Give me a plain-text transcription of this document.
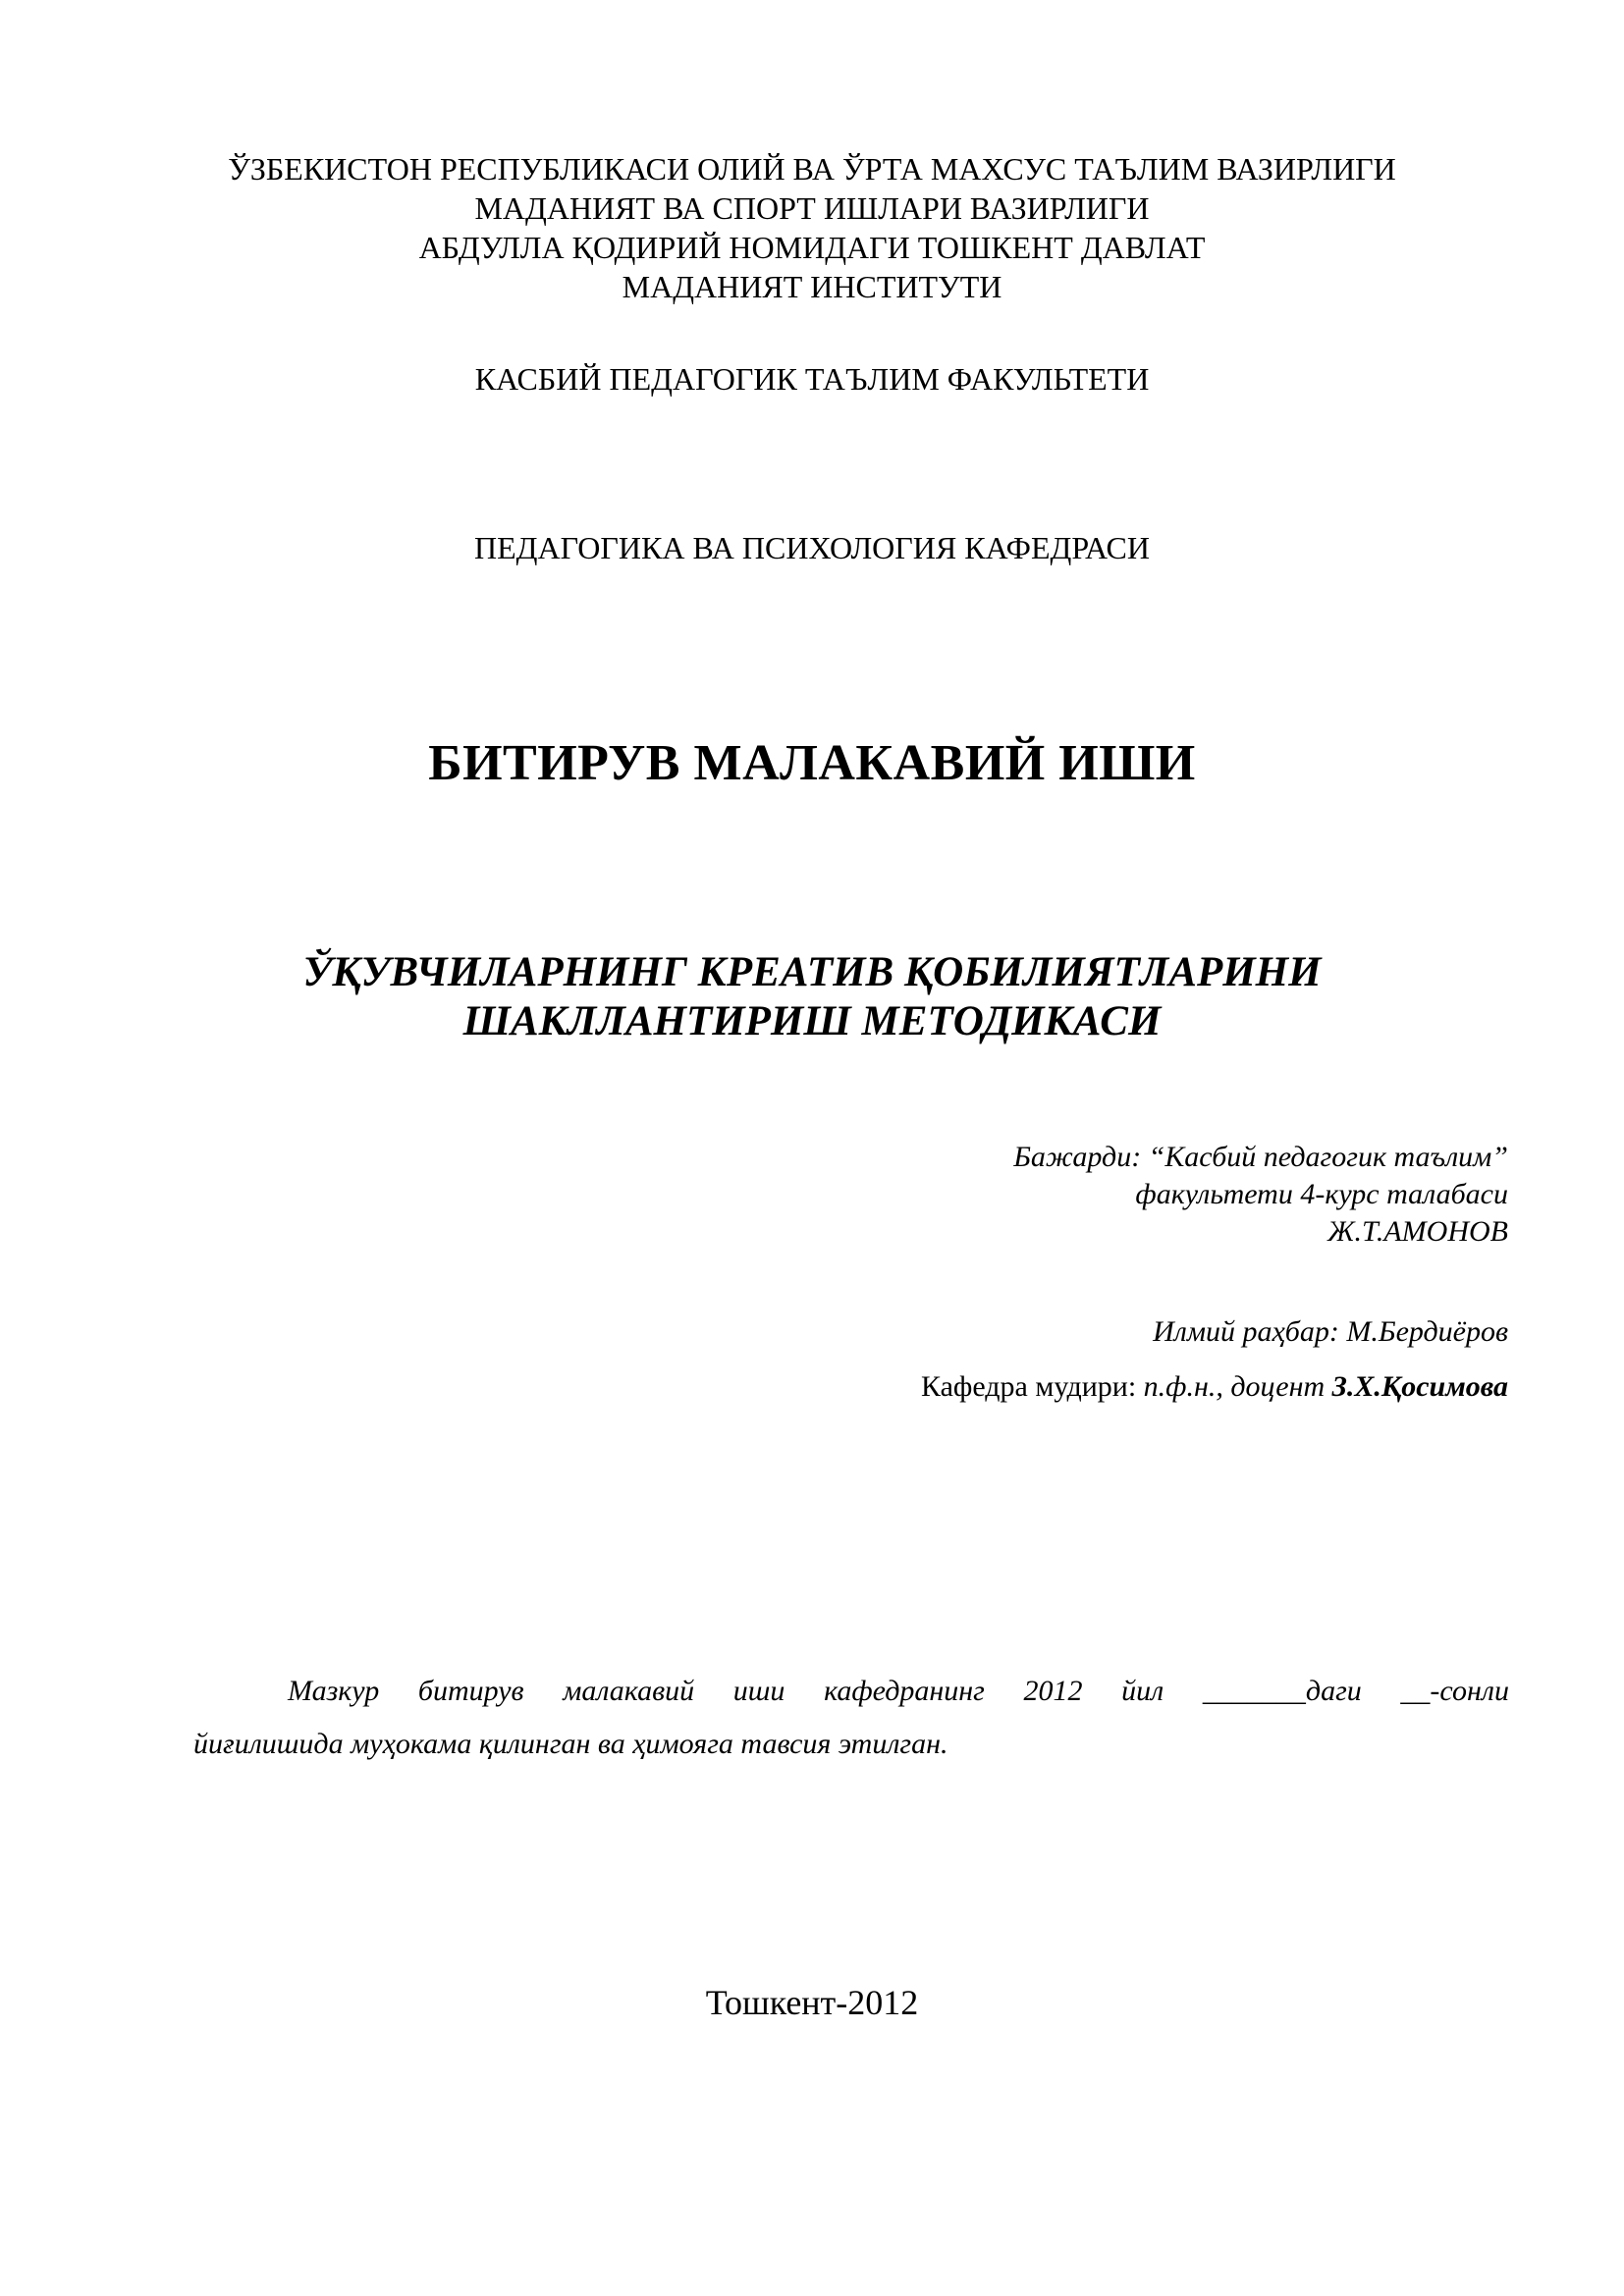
ЎЗБЕКИСТОН РЕСПУБЛИКАСИ ОЛИЙ ВА ЎРТА МАХСУС ТАЪЛИМ ВАЗИРЛИГИ
МАДАНИЯТ ВА СПОРТ ИШЛАРИ ВАЗИРЛИГИ
АБДУЛЛА ҚОДИРИЙ НОМИДАГИ ТОШКЕНТ ДАВЛАТ
МАДАНИЯТ ИНСТИТУТИ
КАСБИЙ ПЕДАГОГИК ТАЪЛИМ ФАКУЛЬТЕТИ
ПЕДАГОГИКА ВА ПСИХОЛОГИЯ КАФЕДРАСИ
БИТИРУВ МАЛАКАВИЙ ИШИ
ЎҚУВЧИЛАРНИНГ КРЕАТИВ ҚОБИЛИЯТЛАРИНИ
ШАКЛЛАНТИРИШ МЕТОДИКАСИ
Бажарди: “Касбий педагогик таълим”
факультети 4-курс талабаси
Ж.Т.АМОНОВ
Илмий раҳбар: М.Бердиёров
Кафедра мудири: п.ф.н., доцент З.Х.Қосимова
Мазкур битирув малакавий иши кафедранинг 2012 йил _______даги __-сонли
йиғилишида муҳокама қилинган ва ҳимояга тавсия этилган.
Тошкент-2012
